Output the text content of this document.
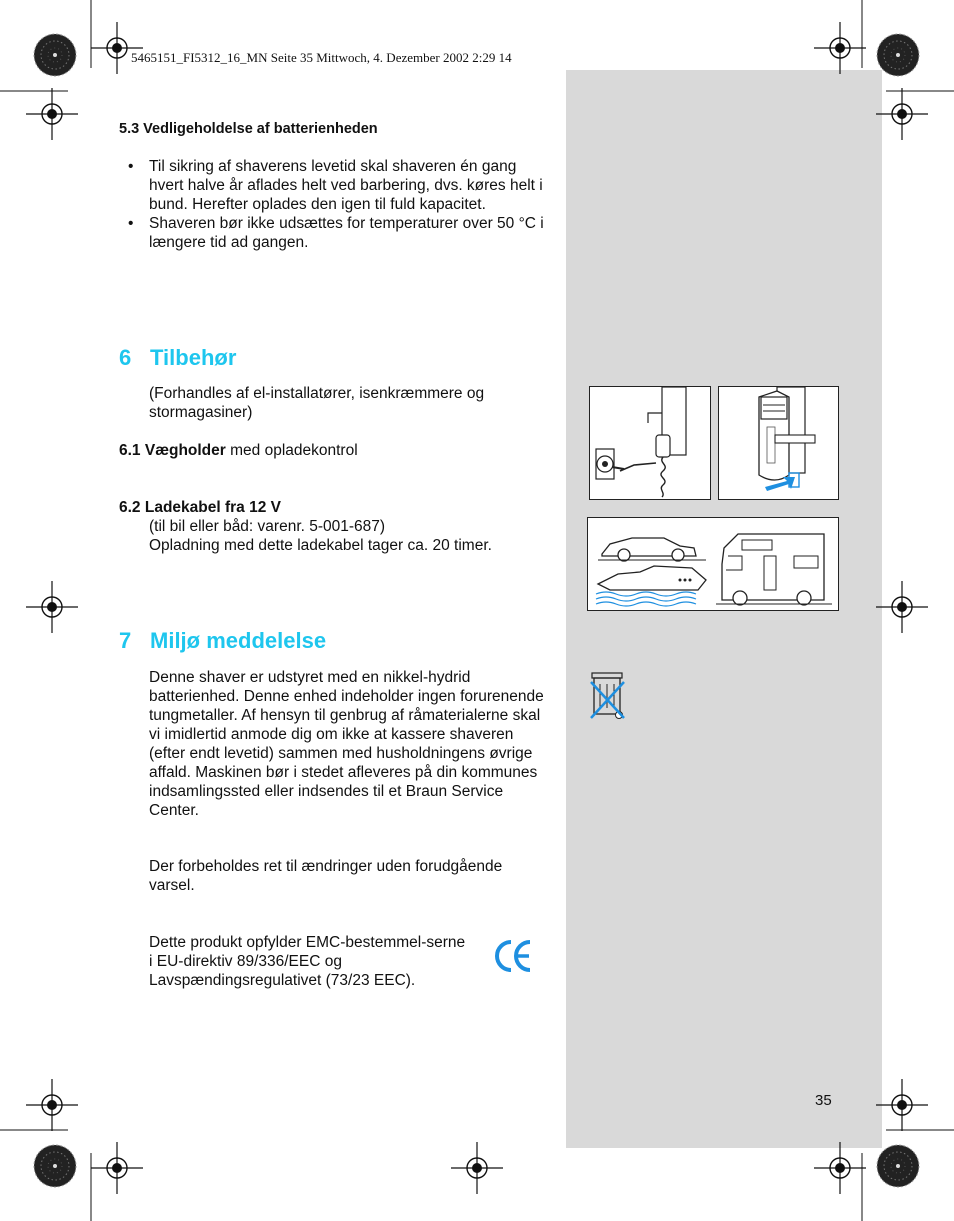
5465151_FI5312_16_MN Seite 35 Mittwoch, 4. Dezember 2002 2:29 14
5.3 Vedligeholdelse af batterienheden
• Til sikring af shaverens levetid skal shaveren én gang hvert halve år aflades helt ved barbering, dvs. køres helt i bund. Herefter oplades den igen til fuld kapacitet.
• Shaveren bør ikke udsættes for temperaturer over 50 °C i længere tid ad gangen.
6 Tilbehør
(Forhandles af el-installatører, isenkræmmere og stormagasiner)
6.1 Vægholder med opladekontrol
6.2 Ladekabel fra 12 V
(til bil eller båd: varenr. 5-001-687)
Opladning med dette ladekabel tager ca. 20 timer.
7 Miljø meddelelse
Denne shaver er udstyret med en nikkel-hydrid batterienhed. Denne enhed indeholder ingen forurenende tungmetaller. Af hensyn til genbrug af råmaterialerne skal vi imidlertid anmode dig om ikke at kassere shaveren (efter endt levetid) sammen med husholdningens øvrige affald. Maskinen bør i stedet afleveres på din kommunes indsamlingssted eller indsendes til et Braun Service Center.
Der forbeholdes ret til ændringer uden forudgående varsel.
Dette produkt opfylder EMC-bestemmel-serne i EU-direktiv 89/336/EEC og Lavspændingsregulativet (73/23 EEC).
35
